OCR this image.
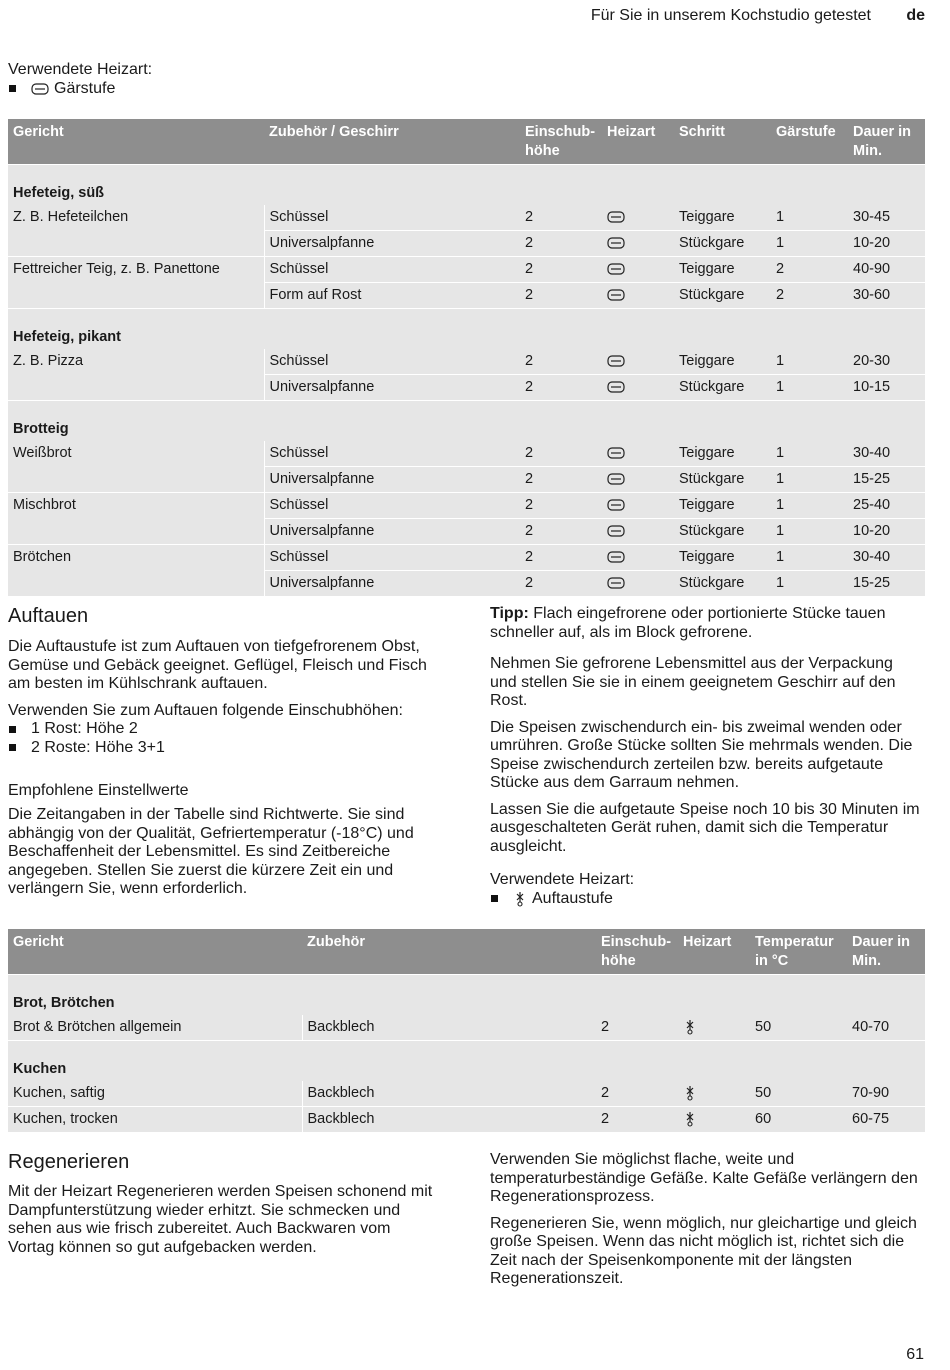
Für Sie in unserem Kochstudio getestet de
Verwendete Heizart:
Gärstufe
Gericht	Zubehör / Geschirr	Einschub-höhe	Heizart	Schritt	Gärstufe	Dauer in Min.
Hefeteig, süß						
Z. B. Hefeteilchen	Schüssel	2		Teiggare	1	30-45
	Universalpfanne	2		Stückgare	1	10-20
Fettreicher Teig, z. B. Panettone	Schüssel	2		Teiggare	2	40-90
	Form auf Rost	2		Stückgare	2	30-60
Hefeteig, pikant						
Z. B. Pizza	Schüssel	2		Teiggare	1	20-30
	Universalpfanne	2		Stückgare	1	10-15
Brotteig						
Weißbrot	Schüssel	2		Teiggare	1	30-40
	Universalpfanne	2		Stückgare	1	15-25
Mischbrot	Schüssel	2		Teiggare	1	25-40
	Universalpfanne	2		Stückgare	1	10-20
Brötchen	Schüssel	2		Teiggare	1	30-40
	Universalpfanne	2		Stückgare	1	15-25
Auftauen

Die Auftaustufe ist zum Auftauen von tiefgefrorenem Obst, Gemüse und Gebäck geeignet. Geflügel, Fleisch und Fisch am besten im Kühlschrank auftauen.

Verwenden Sie zum Auftauen folgende Einschubhöhen:

1 Rost: Höhe 2
2 Roste: Höhe 3+1
Empfohlene Einstellwerte

Die Zeitangaben in der Tabelle sind Richtwerte. Sie sind abhängig von der Qualität, Gefriertemperatur (-18°C) und Beschaffenheit der Lebensmittel. Es sind Zeitbereiche angegeben. Stellen Sie zuerst die kürzere Zeit ein und verlängern Sie, wenn erforderlich.

Tipp: Flach eingefrorene oder portionierte Stücke tauen schneller auf, als im Block gefrorene.

Nehmen Sie gefrorene Lebensmittel aus der Verpackung und stellen Sie sie in einem geeignetem Geschirr auf den Rost.

Die Speisen zwischendurch ein- bis zweimal wenden oder umrühren. Große Stücke sollten Sie mehrmals wenden. Die Speise zwischendurch zerteilen bzw. bereits aufgetaute Stücke aus dem Garraum nehmen.

Lassen Sie die aufgetaute Speise noch 10 bis 30 Minuten im ausgeschalteten Gerät ruhen, damit sich die Temperatur ausgleicht.

Verwendete Heizart:
Auftaustufe
Gericht	Zubehör	Einschub-höhe	Heizart	Temperatur in °C	Dauer in Min.
Brot, Brötchen					
Brot & Brötchen allgemein	Backblech	2		50	40-70
Kuchen					
Kuchen, saftig	Backblech	2		50	70-90
Kuchen, trocken	Backblech	2		60	60-75
Regenerieren

Mit der Heizart Regenerieren werden Speisen schonend mit Dampfunterstützung wieder erhitzt. Sie schmecken und sehen aus wie frisch zubereitet. Auch Backwaren vom Vortag können so gut aufgebacken werden.

Verwenden Sie möglichst flache, weite und temperaturbeständige Gefäße. Kalte Gefäße verlängern den Regenerationsprozess.

Regenerieren Sie, wenn möglich, nur gleichartige und gleich große Speisen. Wenn das nicht möglich ist, richtet sich die Zeit nach der Speisenkomponente mit der längsten Regenerationszeit.

61
